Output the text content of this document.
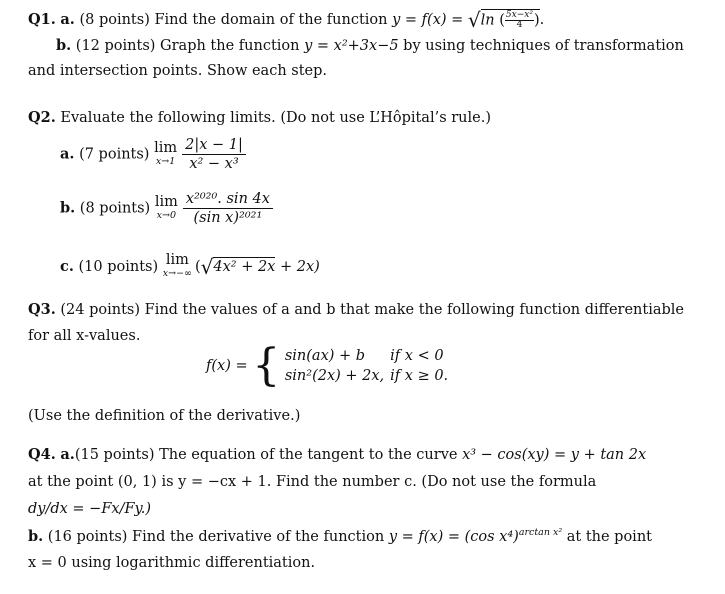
Q1. a. (8 points) Find the domain of the function y = f(x) = √ln ( $\frac{\text{5x−x²}}{4}$ ).
b. (12 points) Graph the function y = x²+3x−5 by using techniques of transformation
and intersection points. Show each step.
Q2. Evaluate the following limits. (Do not use L’Hôpital’s rule.)
a. (7 points) lim
$x\to 1 \frac{2|x - 1|}{\text{x² − x³}}$
b. (8 points) lim
$x\to 0 \frac{\text{x²⁰²⁰. sin 4x}}{\text{(sin x)²⁰²¹}}$
c. (10 points) lim
x→−∞ (√4x² + 2x + 2x)
Q3. (24 points) Find the values of a and b that make the following function differentiable
for all x-values.
f(x) = { sin(ax) + b	if x < 0
sin²(2x) + 2x,	if x ≥ 0.
(Use the definition of the derivative.)
Q4. a.(15 points) The equation of the tangent to the curve x³ − cos(xy) = y + tan 2x
at the point (0, 1) is y = −cx + 1. Find the number c. (Do not use the formula
dy/dx = −Fx/Fy.)
b. (16 points) Find the derivative of the function y = f(x) = (cos x⁴)$^{arctan x^2}$ at the point
x = 0 using logarithmic differentiation.
